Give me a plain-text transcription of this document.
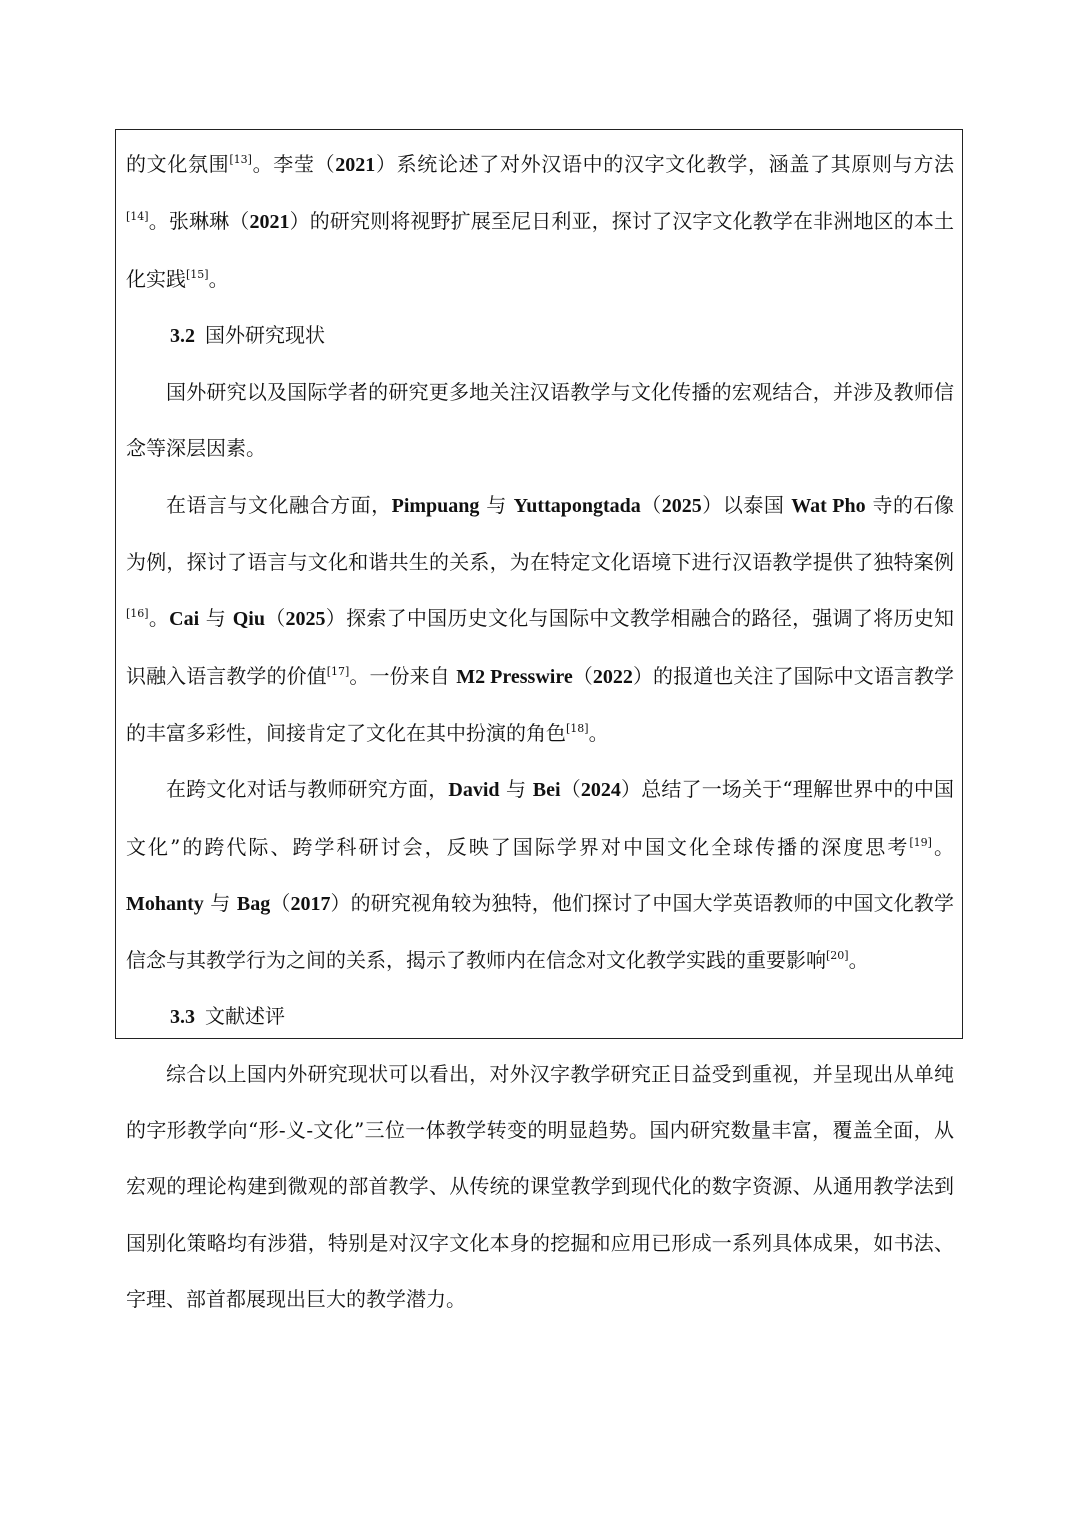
的文化氛围[13]。李莹（2021）系统论述了对外汉语中的汉字文化教学，涵盖了其原则与方法[14]。张琳琳（2021）的研究则将视野扩展至尼日利亚，探讨了汉字文化教学在非洲地区的本土化实践[15]。

3.2 国外研究现状

国外研究以及国际学者的研究更多地关注汉语教学与文化传播的宏观结合，并涉及教师信念等深层因素。

在语言与文化融合方面，Pimpuang 与 Yuttapongtada（2025）以泰国 Wat Pho 寺的石像为例，探讨了语言与文化和谐共生的关系，为在特定文化语境下进行汉语教学提供了独特案例[16]。Cai 与 Qiu（2025）探索了中国历史文化与国际中文教学相融合的路径，强调了将历史知识融入语言教学的价值[17]。一份来自 M2 Presswire（2022）的报道也关注了国际中文语言教学的丰富多彩性，间接肯定了文化在其中扮演的角色[18]。

在跨文化对话与教师研究方面，David 与 Bei（2024）总结了一场关于“理解世界中的中国文化”的跨代际、跨学科研讨会，反映了国际学界对中国文化全球传播的深度思考[19]。Mohanty 与 Bag（2017）的研究视角较为独特，他们探讨了中国大学英语教师的中国文化教学信念与其教学行为之间的关系，揭示了教师内在信念对文化教学实践的重要影响[20]。

3.3 文献述评

综合以上国内外研究现状可以看出，对外汉字教学研究正日益受到重视，并呈现出从单纯的字形教学向“形-义-文化”三位一体教学转变的明显趋势。国内研究数量丰富，覆盖全面，从宏观的理论构建到微观的部首教学、从传统的课堂教学到现代化的数字资源、从通用教学法到国别化策略均有涉猎，特别是对汉字文化本身的挖掘和应用已形成一系列具体成果，如书法、字理、部首都展现出巨大的教学潜力。
